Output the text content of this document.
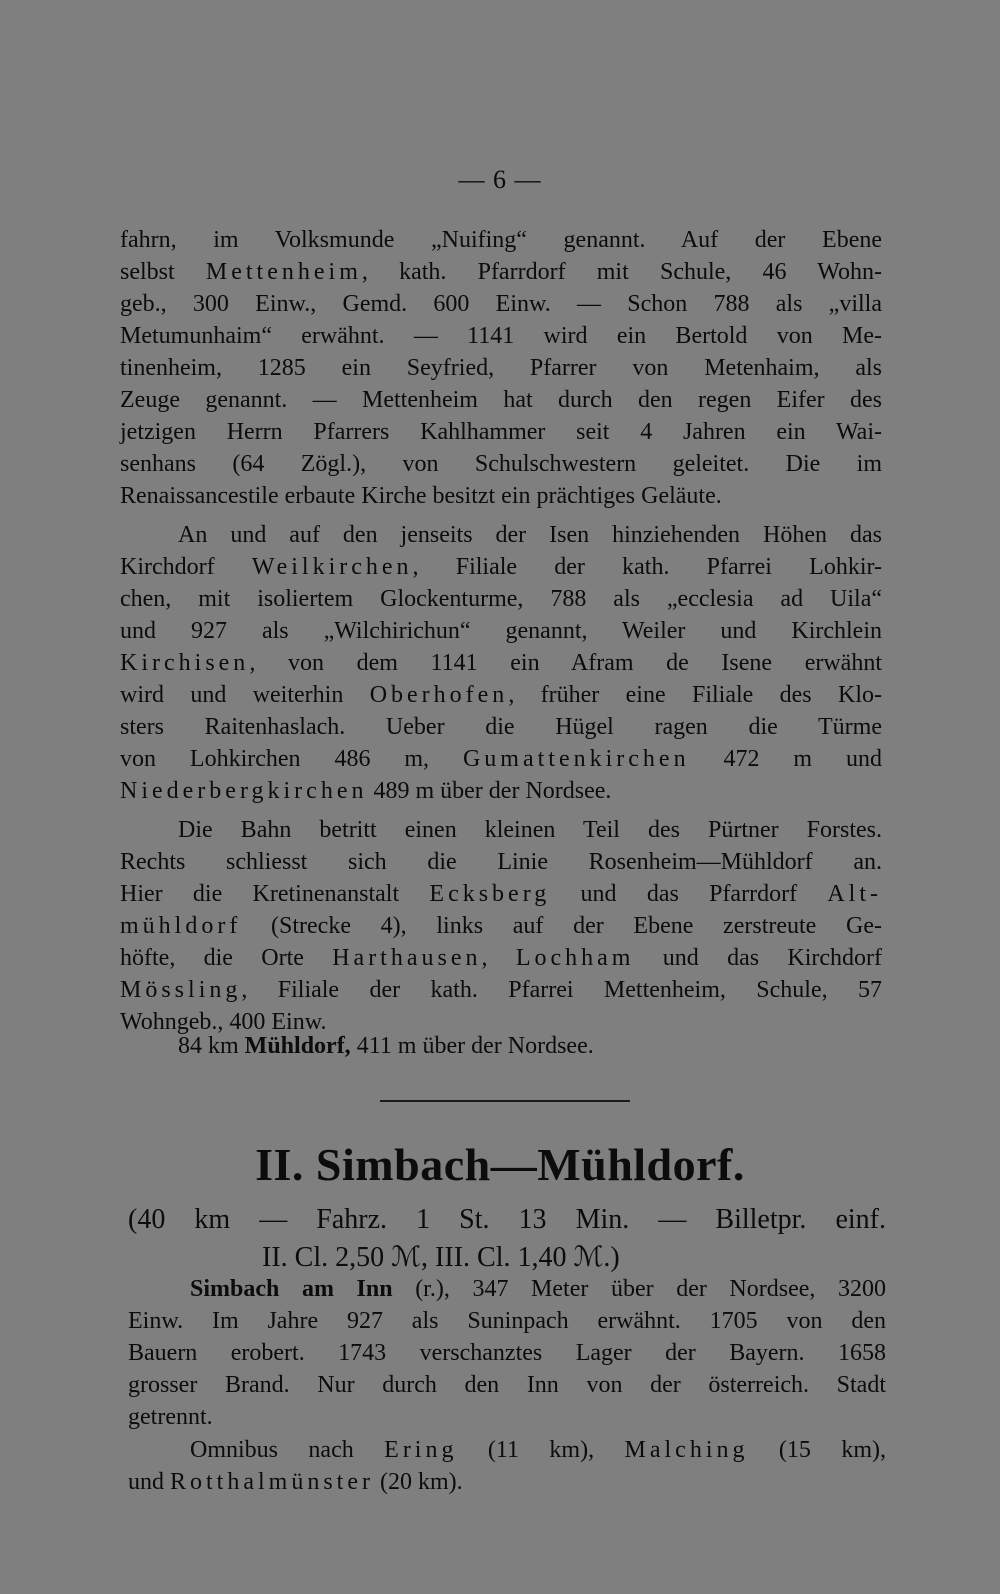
— 6 —
fahrn, im Volksmunde „Nuifing“ genannt. Auf der Ebene
selbst Mettenheim, kath. Pfarrdorf mit Schule, 46 Wohn-
geb., 300 Einw., Gemd. 600 Einw. — Schon 788 als „villa
Metumunhaim“ erwähnt. — 1141 wird ein Bertold von Me-
tinenheim, 1285 ein Seyfried, Pfarrer von Metenhaim, als
Zeuge genannt. — Mettenheim hat durch den regen Eifer des
jetzigen Herrn Pfarrers Kahlhammer seit 4 Jahren ein Wai-
senhans (64 Zögl.), von Schulschwestern geleitet. Die im
Renaissancestile erbaute Kirche besitzt ein prächtiges Geläute.
An und auf den jenseits der Isen hinziehenden Höhen das
Kirchdorf Weilkirchen, Filiale der kath. Pfarrei Lohkir-
chen, mit isoliertem Glockenturme, 788 als „ecclesia ad Uila“
und 927 als „Wilchirichun“ genannt, Weiler und Kirchlein
Kirchisen, von dem 1141 ein Afram de Isene erwähnt
wird und weiterhin Oberhofen, früher eine Filiale des Klo-
sters Raitenhaslach. Ueber die Hügel ragen die Türme
von Lohkirchen 486 m, Gumattenkirchen 472 m und
Niederbergkirchen 489 m über der Nordsee.
Die Bahn betritt einen kleinen Teil des Pürtner Forstes.
Rechts schliesst sich die Linie Rosenheim—Mühldorf an.
Hier die Kretinenanstalt Ecksberg und das Pfarrdorf Alt-
mühldorf (Strecke 4), links auf der Ebene zerstreute Ge-
höfte, die Orte Harthausen, Lochham und das Kirchdorf
Mössling, Filiale der kath. Pfarrei Mettenheim, Schule, 57
Wohngeb., 400 Einw.
84 km Mühldorf, 411 m über der Nordsee.
II. Simbach—Mühldorf.
(40 km — Fahrz. 1 St. 13 Min. — Billetpr. einf.
II. Cl. 2,50 ℳ, III. Cl. 1,40 ℳ.)
Simbach am Inn (r.), 347 Meter über der Nordsee, 3200
Einw. Im Jahre 927 als Suninpach erwähnt. 1705 von den
Bauern erobert. 1743 verschanztes Lager der Bayern. 1658
grosser Brand. Nur durch den Inn von der österreich. Stadt
getrennt.
Omnibus nach Ering (11 km), Malching (15 km),
und Rotthalmünster (20 km).
